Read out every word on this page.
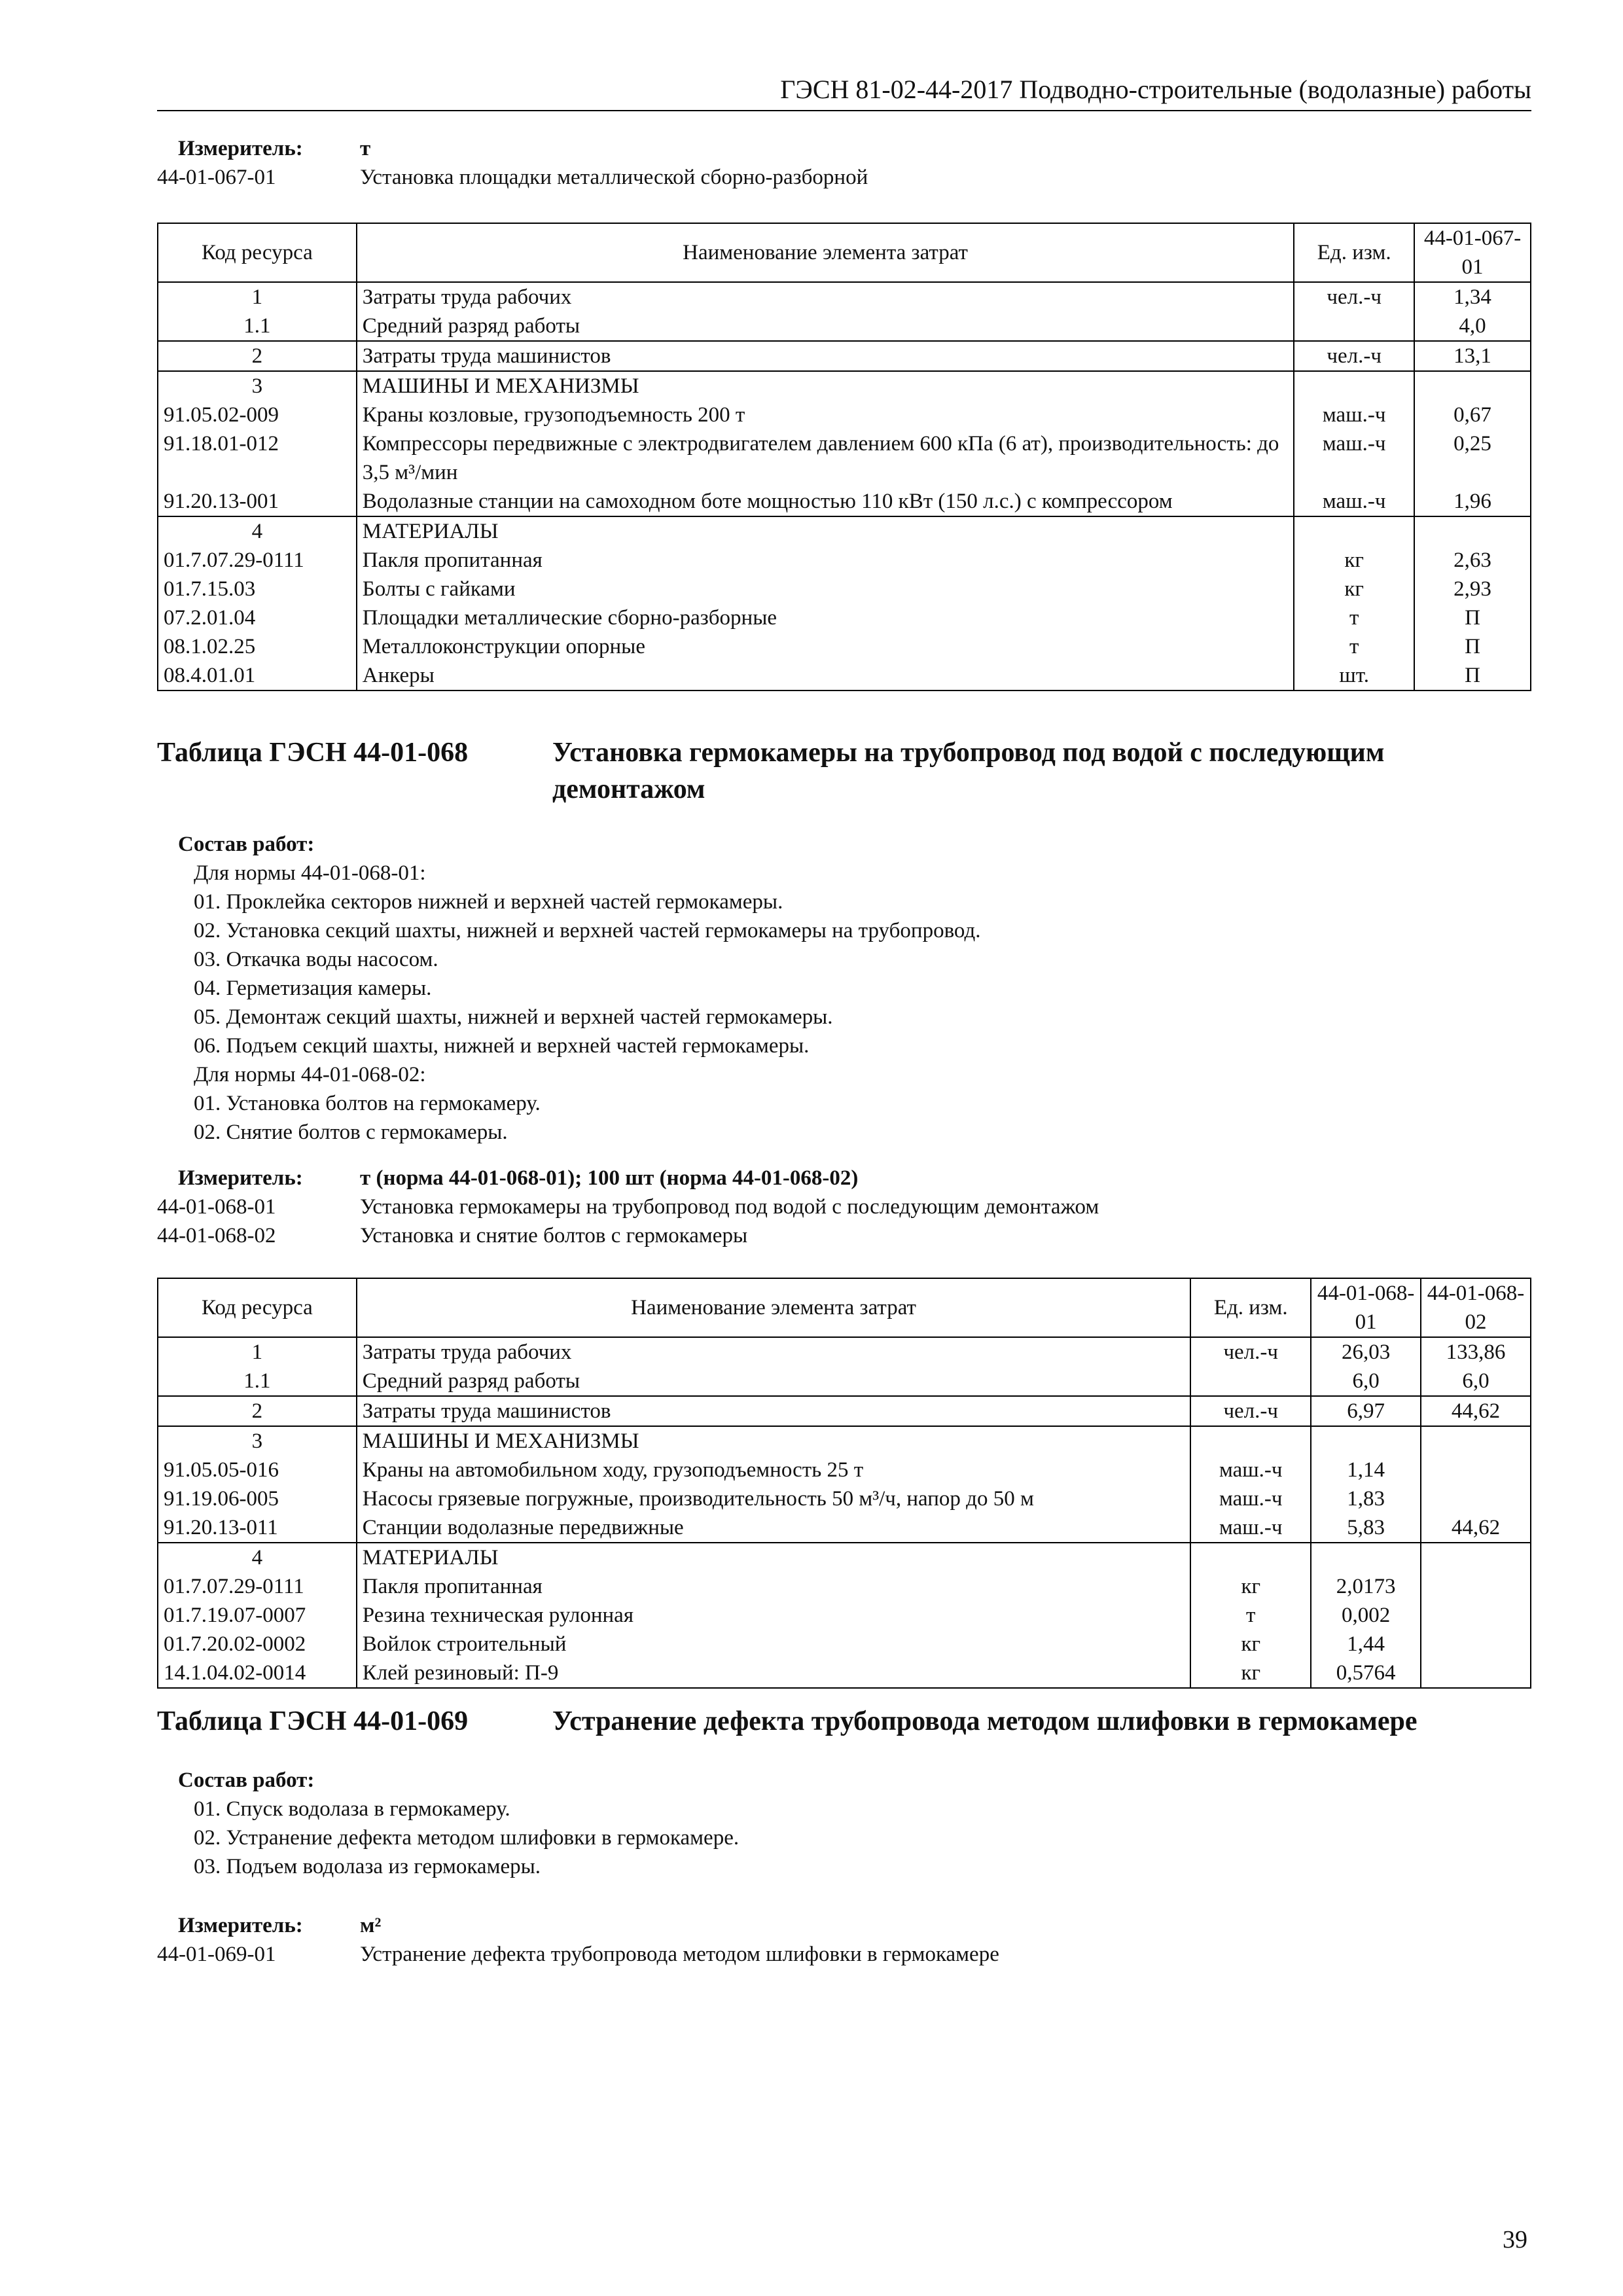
ГЭСН 81-02-44-2017 Подводно-строительные (водолазные) работы
Измеритель:	т
44-01-067-01	Установка площадки металлической сборно-разборной
Код ресурса	Наименование элемента затрат	Ед. изм.	44-01-067-01
1	Затраты труда рабочих	чел.-ч	1,34
1.1	Средний разряд работы		4,0
2	Затраты труда машинистов	чел.-ч	13,1
3	МАШИНЫ И МЕХАНИЗМЫ		
91.05.02-009	Краны козловые, грузоподъемность 200 т	маш.-ч	0,67
91.18.01-012	Компрессоры передвижные с электродвигателем давлением 600 кПа (6 ат), производительность: до 3,5 м³/мин	маш.-ч	0,25
91.20.13-001	Водолазные станции на самоходном боте мощностью 110 кВт (150 л.с.) с компрессором	маш.-ч	1,96
4	МАТЕРИАЛЫ		
01.7.07.29-0111	Пакля пропитанная	кг	2,63
01.7.15.03	Болты с гайками	кг	2,93
07.2.01.04	Площадки металлические сборно-разборные	т	П
08.1.02.25	Металлоконструкции опорные	т	П
08.4.01.01	Анкеры	шт.	П
Таблица ГЭСН 44-01-068	Установка гермокамеры на трубопровод под водой с последующим демонтажом
Состав работ:
Для нормы 44-01-068-01:
01. Проклейка секторов нижней и верхней частей гермокамеры.
02. Установка секций шахты, нижней и верхней частей гермокамеры на трубопровод.
03. Откачка воды насосом.
04. Герметизация камеры.
05. Демонтаж секций шахты, нижней и верхней частей гермокамеры.
06. Подъем секций шахты, нижней и верхней частей гермокамеры.
Для нормы 44-01-068-02:
01. Установка болтов на гермокамеру.
02. Снятие болтов с гермокамеры.
Измеритель:	т (норма 44-01-068-01); 100 шт (норма 44-01-068-02)
44-01-068-01	Установка гермокамеры на трубопровод под водой с последующим демонтажом
44-01-068-02	Установка и снятие болтов с гермокамеры
Код ресурса	Наименование элемента затрат	Ед. изм.	44-01-068-01	44-01-068-02
1	Затраты труда рабочих	чел.-ч	26,03	133,86
1.1	Средний разряд работы		6,0	6,0
2	Затраты труда машинистов	чел.-ч	6,97	44,62
3	МАШИНЫ И МЕХАНИЗМЫ			
91.05.05-016	Краны на автомобильном ходу, грузоподъемность 25 т	маш.-ч	1,14	
91.19.06-005	Насосы грязевые погружные, производительность 50 м³/ч, напор до 50 м	маш.-ч	1,83	
91.20.13-011	Станции водолазные передвижные	маш.-ч	5,83	44,62
4	МАТЕРИАЛЫ			
01.7.07.29-0111	Пакля пропитанная	кг	2,0173	
01.7.19.07-0007	Резина техническая рулонная	т	0,002	
01.7.20.02-0002	Войлок строительный	кг	1,44	
14.1.04.02-0014	Клей резиновый: П-9	кг	0,5764	
Таблица ГЭСН 44-01-069	Устранение дефекта трубопровода методом шлифовки в гермокамере
Состав работ:
01. Спуск водолаза в гермокамеру.
02. Устранение дефекта методом шлифовки в гермокамере.
03. Подъем водолаза из гермокамеры.
Измеритель:	м²
44-01-069-01	Устранение дефекта трубопровода методом шлифовки в гермокамере
39
